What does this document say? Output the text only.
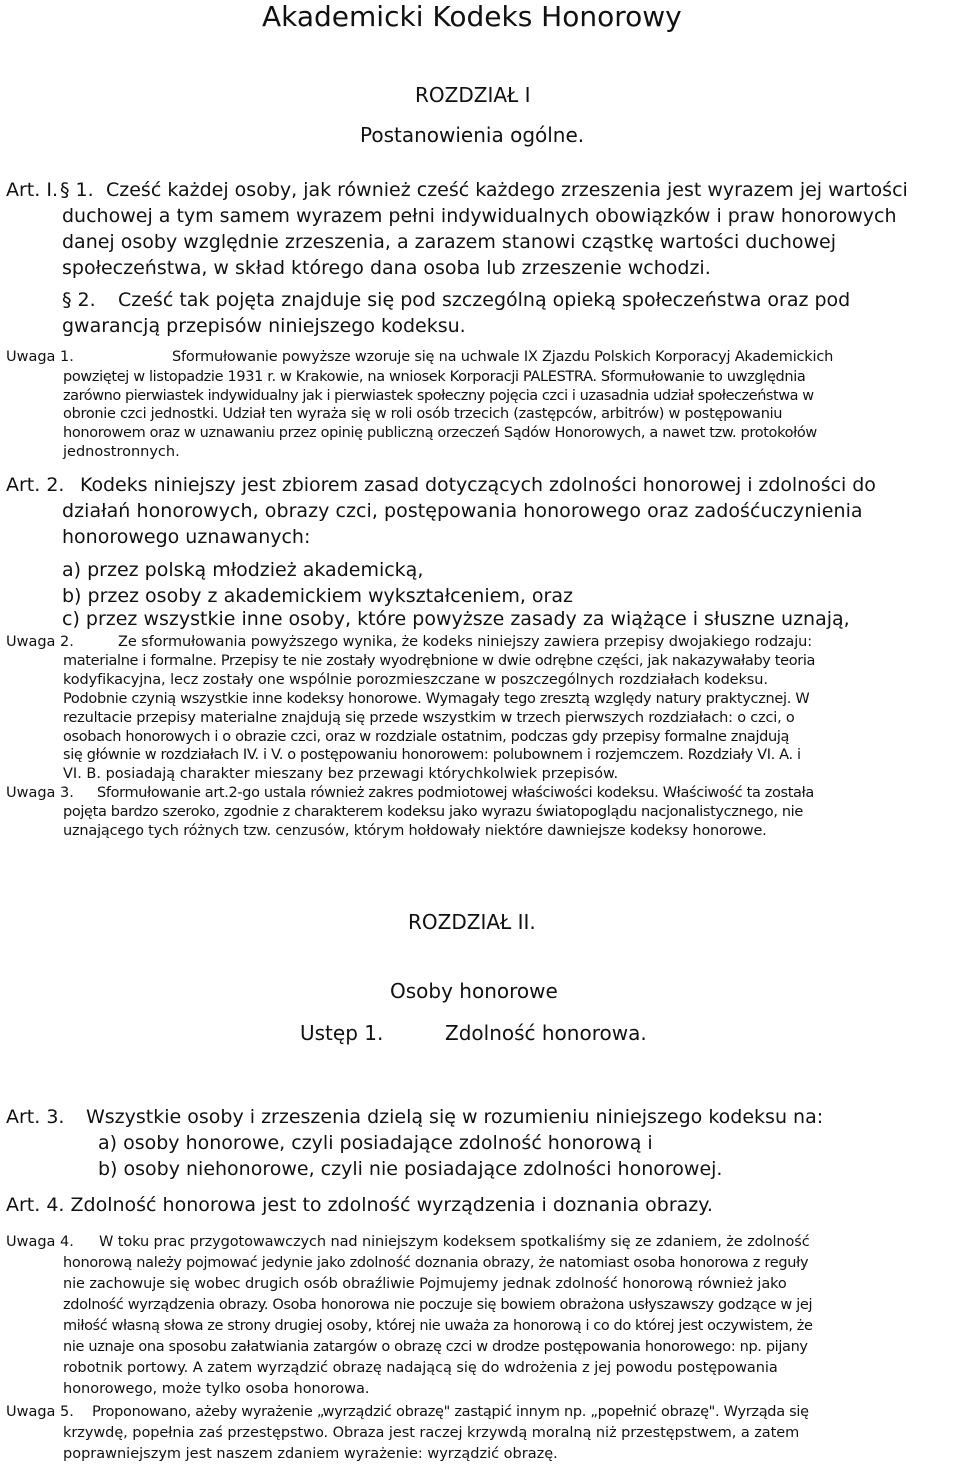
Akademicki Kodeks Honorowy
ROZDZIAŁ I
Postanowienia ogólne.
Art. I. § 1. Cześć każdej osoby, jak również cześć każdego zrzeszenia jest wyrazem jej wartości
duchowej a tym samem wyrazem pełni indywidualnych obowiązków i praw honorowych
danej osoby względnie zrzeszenia, a zarazem stanowi cząstkę wartości duchowej
społeczeństwa, w skład którego dana osoba lub zrzeszenie wchodzi.
§ 2. Cześć tak pojęta znajduje się pod szczególną opieką społeczeństwa oraz pod
gwarancją przepisów niniejszego kodeksu.
Uwaga 1.	Sformułowanie powyższe wzoruje się na uchwale IX Zjazdu Polskich Korporacyj Akademickich
powziętej w listopadzie 1931 r. w Krakowie, na wniosek Korporacji PALESTRA. Sformułowanie to uwzględnia
zarówno pierwiastek indywidualny jak i pierwiastek społeczny pojęcia czci i uzasadnia udział społeczeństwa w
obronie czci jednostki. Udział ten wyraża się w roli osób trzecich (zastępców, arbitrów) w postępowaniu
honorowem oraz w uznawaniu przez opinię publiczną orzeczeń Sądów Honorowych, a nawet tzw. protokołów
jednostronnych.
Art. 2. Kodeks niniejszy jest zbiorem zasad dotyczących zdolności honorowej i zdolności do
działań honorowych, obrazy czci, postępowania honorowego oraz zadośćuczynienia
honorowego uznawanych:
a) przez polską młodzież akademicką,
b) przez osoby z akademickiem wykształceniem, oraz
c) przez wszystkie inne osoby, które powyższe zasady za wiążące i słuszne uznają,
Uwaga 2.	Ze sformułowania powyższego wynika, że kodeks niniejszy zawiera przepisy dwojakiego rodzaju:
materialne i formalne. Przepisy te nie zostały wyodrębnione w dwie odrębne części, jak nakazywałaby teoria
kodyfikacyjna, lecz zostały one wspólnie porozmieszczane w poszczególnych rozdziałach kodeksu.
Podobnie czynią wszystkie inne kodeksy honorowe. Wymagały tego zresztą względy natury praktycznej. W
rezultacie przepisy materialne znajdują się przede wszystkim w trzech pierwszych rozdziałach: o czci, o
osobach honorowych i o obrazie czci, oraz w rozdziale ostatnim, podczas gdy przepisy formalne znajdują
się głównie w rozdziałach IV. i V. o postępowaniu honorowem: polubownem i rozjemczem. Rozdziały VI. A. i
VI. B. posiadają charakter mieszany bez przewagi którychkolwiek przepisów.
Uwaga 3. Sformułowanie art.2-go ustala również zakres podmiotowej właściwości kodeksu. Właściwość ta została
pojęta bardzo szeroko, zgodnie z charakterem kodeksu jako wyrazu światopoglądu nacjonalistycznego, nie
uznającego tych różnych tzw. cenzusów, którym hołdowały niektóre dawniejsze kodeksy honorowe.
ROZDZIAŁ II.
Osoby honorowe
Ustęp 1.	Zdolność honorowa.
Art. 3. Wszystkie osoby i zrzeszenia dzielą się w rozumieniu niniejszego kodeksu na:
a) osoby honorowe, czyli posiadające zdolność honorową i
b) osoby niehonorowe, czyli nie posiadające zdolności honorowej.
Art. 4. Zdolność honorowa jest to zdolność wyrządzenia i doznania obrazy.
Uwaga 4. W toku prac przygotowawczych nad niniejszym kodeksem spotkaliśmy się ze zdaniem, że zdolność
honorową należy pojmować jedynie jako zdolność doznania obrazy, że natomiast osoba honorowa z reguły
nie zachowuje się wobec drugich osób obraźliwie Pojmujemy jednak zdolność honorową również jako
zdolność wyrządzenia obrazy. Osoba honorowa nie poczuje się bowiem obrażona usłyszawszy godzące w jej
miłość własną słowa ze strony drugiej osoby, której nie uważa za honorową i co do której jest oczywistem, że
nie uznaje ona sposobu załatwiania zatargów o obrazę czci w drodze postępowania honorowego: np. pijany
robotnik portowy. A zatem wyrządzić obrazę nadającą się do wdrożenia z jej powodu postępowania
honorowego, może tylko osoba honorowa.
Uwaga 5. Proponowano, ażeby wyrażenie „wyrządzić obrazę" zastąpić innym np. „popełnić obrazę". Wyrząda się
krzywdę, popełnia zaś przestępstwo. Obraza jest raczej krzywdą moralną niż przestępstwem, a zatem
poprawniejszym jest naszem zdaniem wyrażenie: wyrządzić obrazę.
